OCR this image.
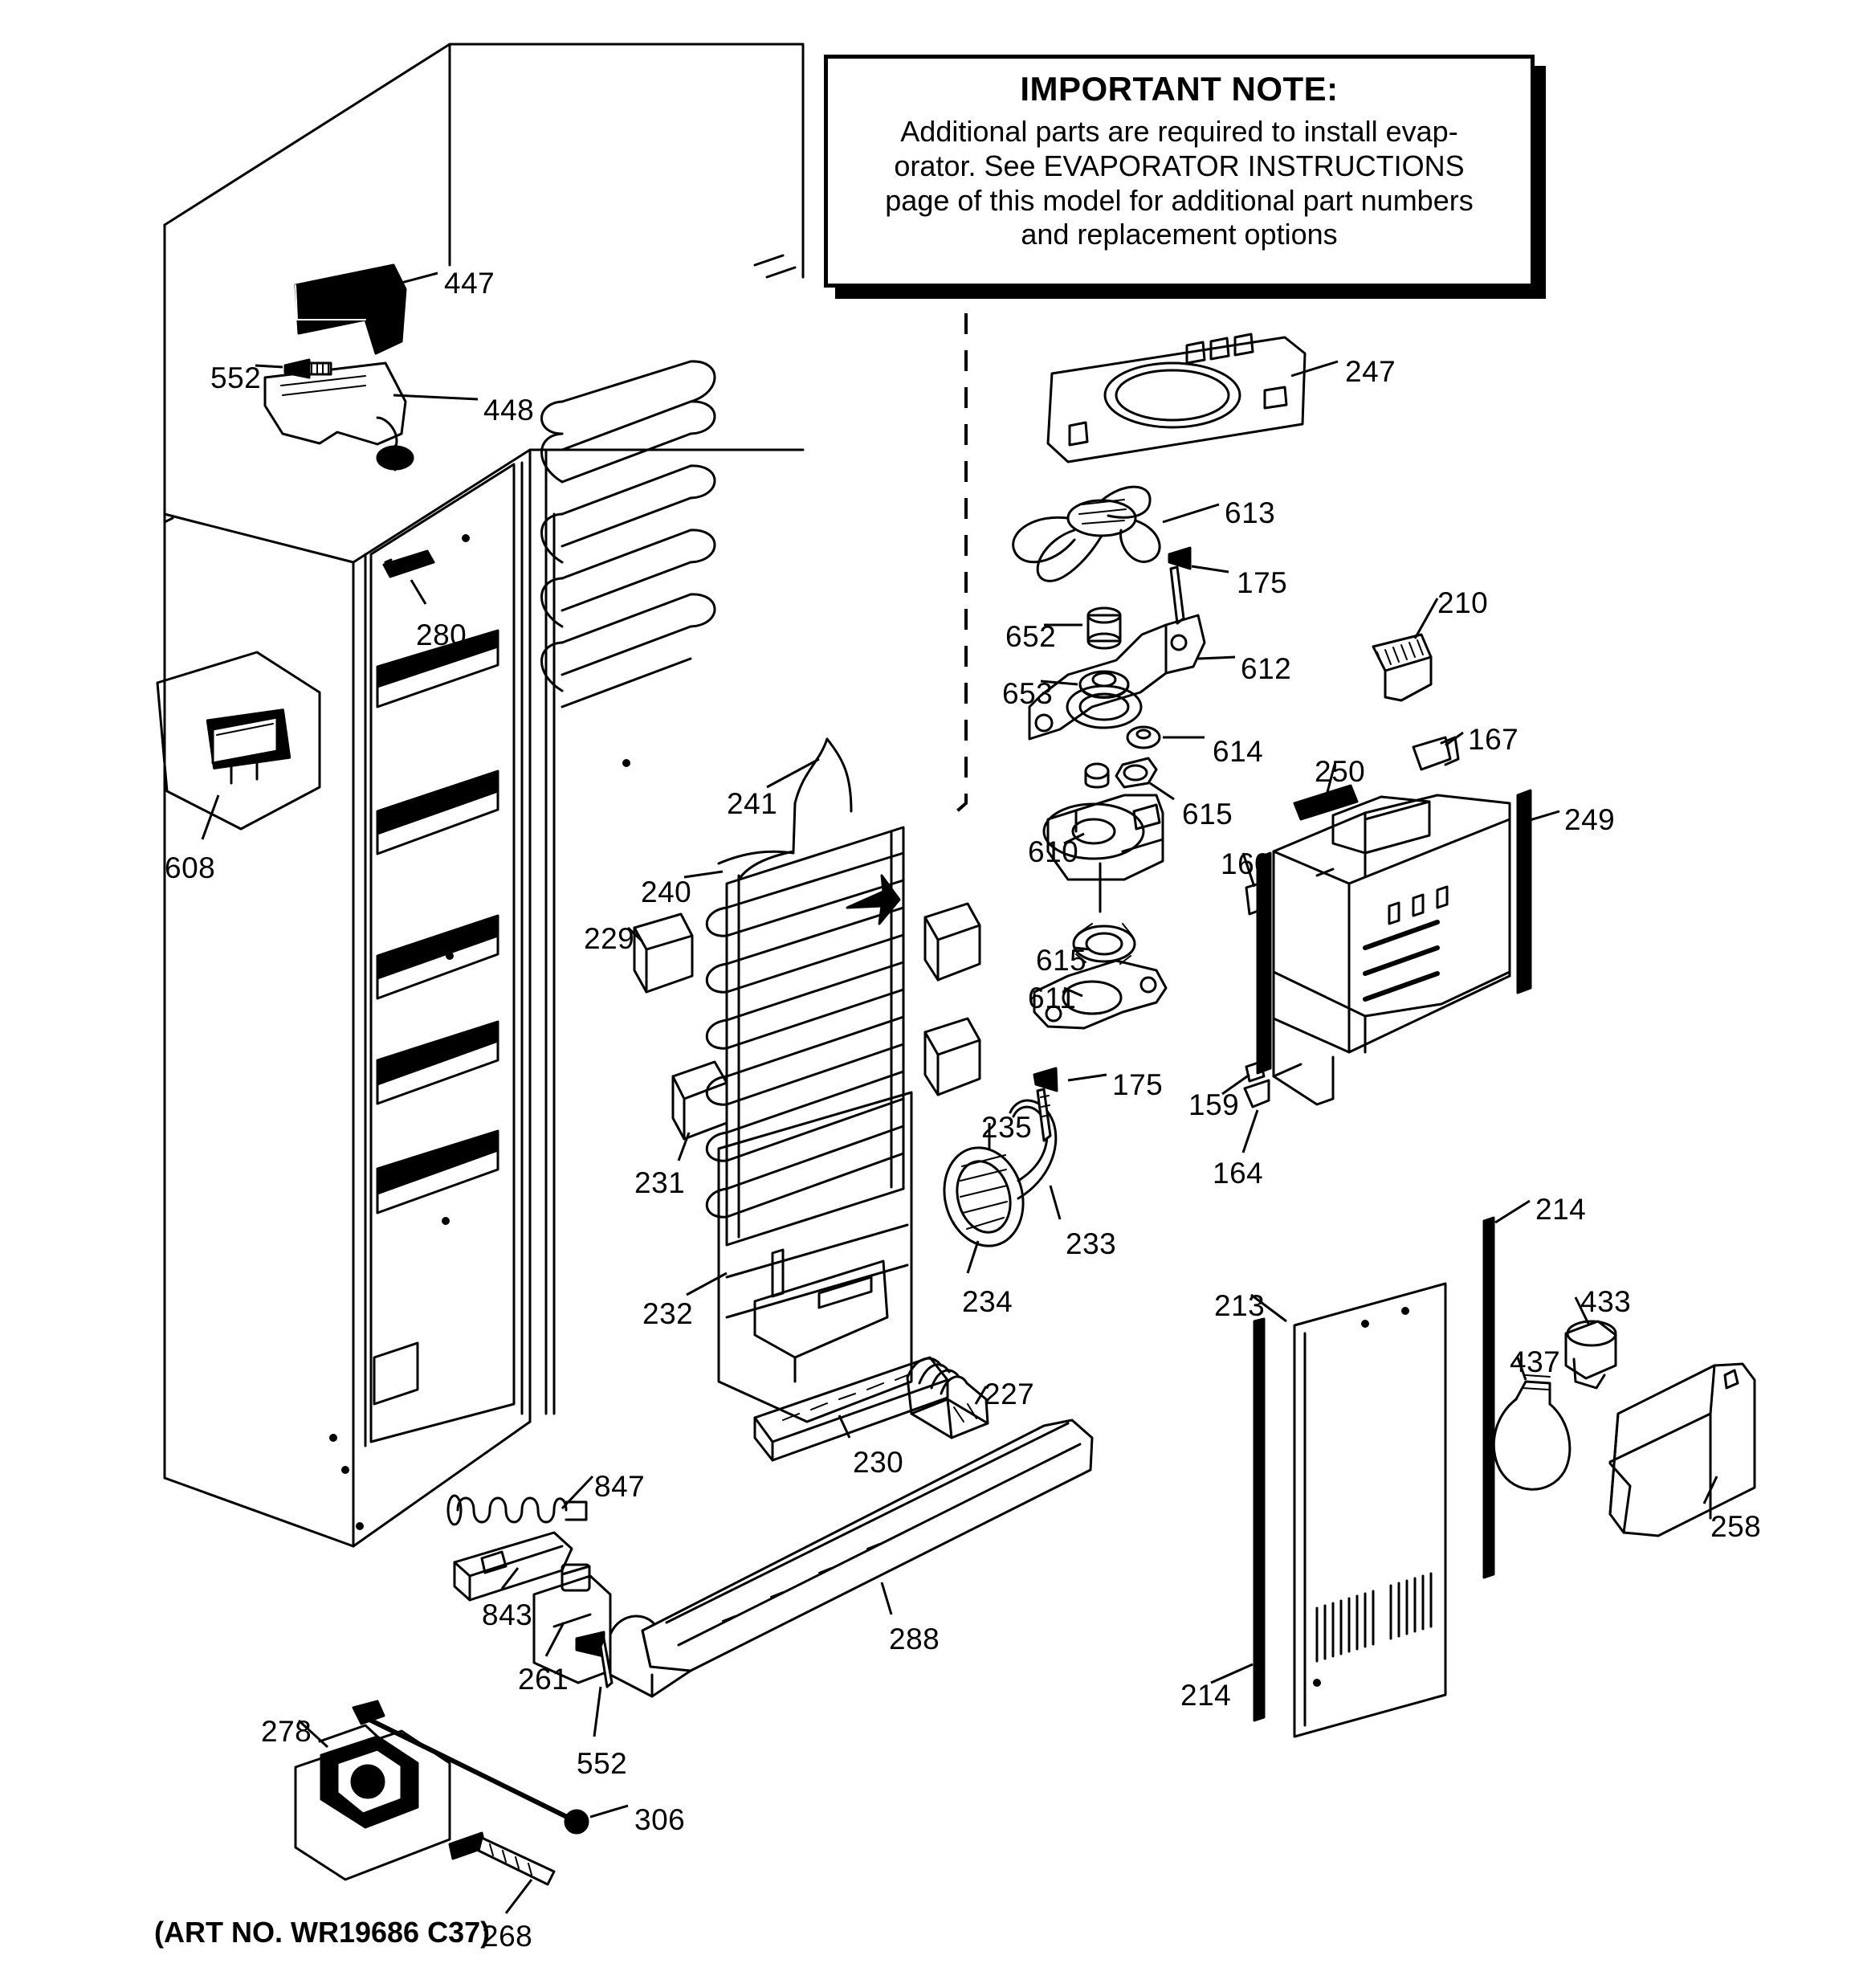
IMPORTANT NOTE:
Additional parts are required to install evap-
orator. See EVAPORATOR INSTRUCTIONS
page of this model for additional part numbers
and replacement options
447
552
448
280
608
241
240
229
231
232
230
227
234
235
233
288
847
843
261
552
278
306
268
247
613
175
652
612
653
614
615
610
615
611
175
159
164
160
250
210
167
249
213
214
214
437
433
258
(ART NO. WR19686 C37)
